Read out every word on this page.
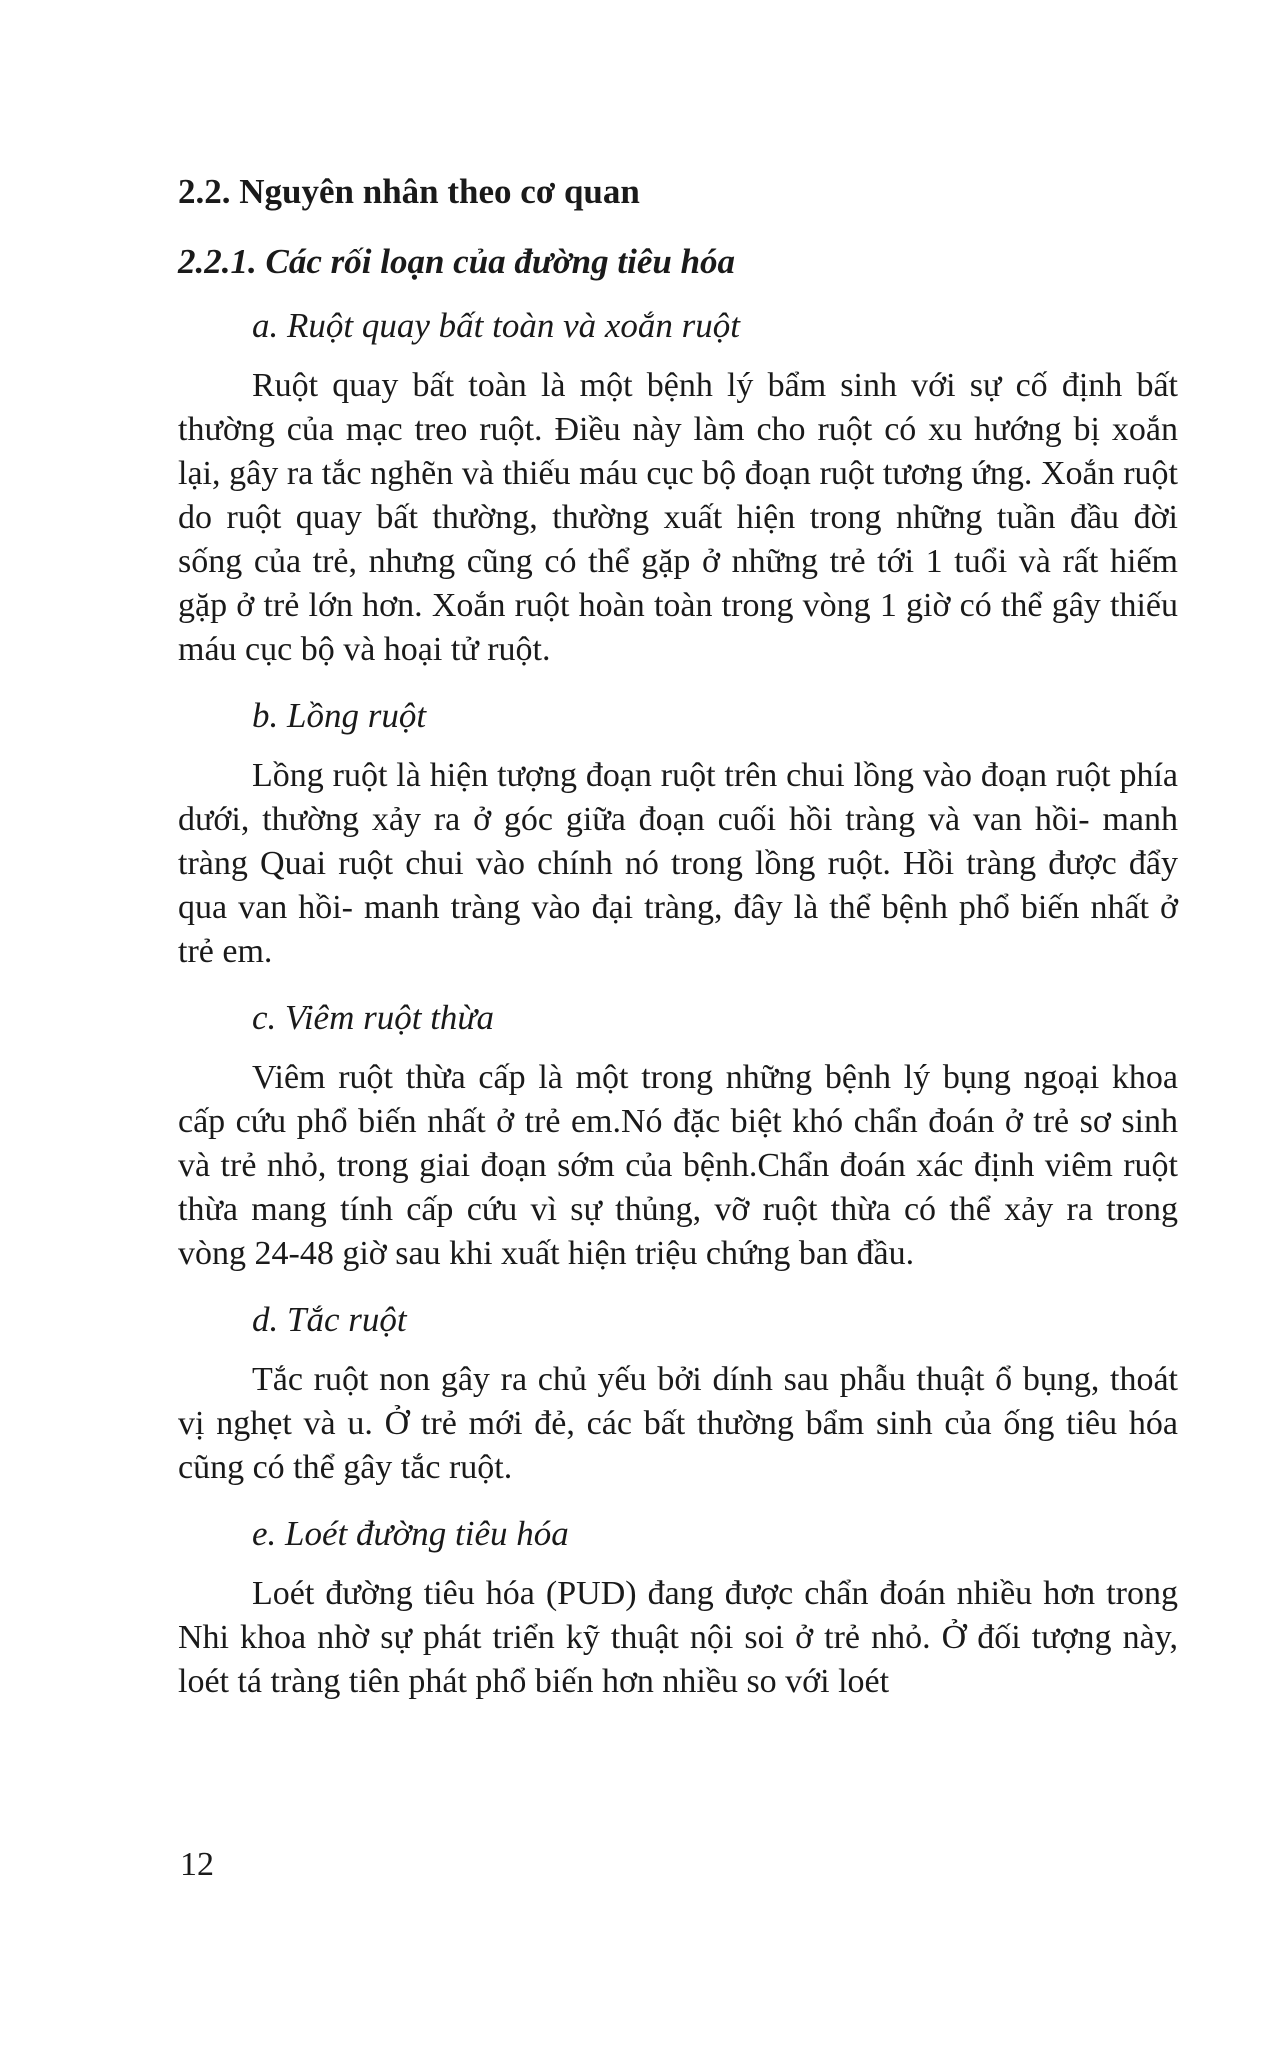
2.2. Nguyên nhân theo cơ quan
2.2.1. Các rối loạn của đường tiêu hóa
a. Ruột quay bất toàn và xoắn ruột

Ruột quay bất toàn là một bệnh lý bẩm sinh với sự cố định bất thường của mạc treo ruột. Điều này làm cho ruột có xu hướng bị xoắn lại, gây ra tắc nghẽn và thiếu máu cục bộ đoạn ruột tương ứng. Xoắn ruột do ruột quay bất thường, thường xuất hiện trong những tuần đầu đời sống của trẻ, nhưng cũng có thể gặp ở những trẻ tới 1 tuổi và rất hiếm gặp ở trẻ lớn hơn. Xoắn ruột hoàn toàn trong vòng 1 giờ có thể gây thiếu máu cục bộ và hoại tử ruột.

b. Lồng ruột

Lồng ruột là hiện tượng đoạn ruột trên chui lồng vào đoạn ruột phía dưới, thường xảy ra ở góc giữa đoạn cuối hồi tràng và van hồi- manh tràng Quai ruột chui vào chính nó trong lồng ruột. Hồi tràng được đẩy qua van hồi- manh tràng vào đại tràng, đây là thể bệnh phổ biến nhất ở trẻ em.

c. Viêm ruột thừa

Viêm ruột thừa cấp là một trong những bệnh lý bụng ngoại khoa cấp cứu phổ biến nhất ở trẻ em.Nó đặc biệt khó chẩn đoán ở trẻ sơ sinh và trẻ nhỏ, trong giai đoạn sớm của bệnh.Chẩn đoán xác định viêm ruột thừa mang tính cấp cứu vì sự thủng, vỡ ruột thừa có thể xảy ra trong vòng 24-48 giờ sau khi xuất hiện triệu chứng ban đầu.

d. Tắc ruột

Tắc ruột non gây ra chủ yếu bởi dính sau phẫu thuật ổ bụng, thoát vị nghẹt và u. Ở trẻ mới đẻ, các bất thường bẩm sinh của ống tiêu hóa cũng có thể gây tắc ruột.

e. Loét đường tiêu hóa

Loét đường tiêu hóa (PUD) đang được chẩn đoán nhiều hơn trong Nhi khoa nhờ sự phát triển kỹ thuật nội soi ở trẻ nhỏ. Ở đối tượng này, loét tá tràng tiên phát phổ biến hơn nhiều so với loét

12
